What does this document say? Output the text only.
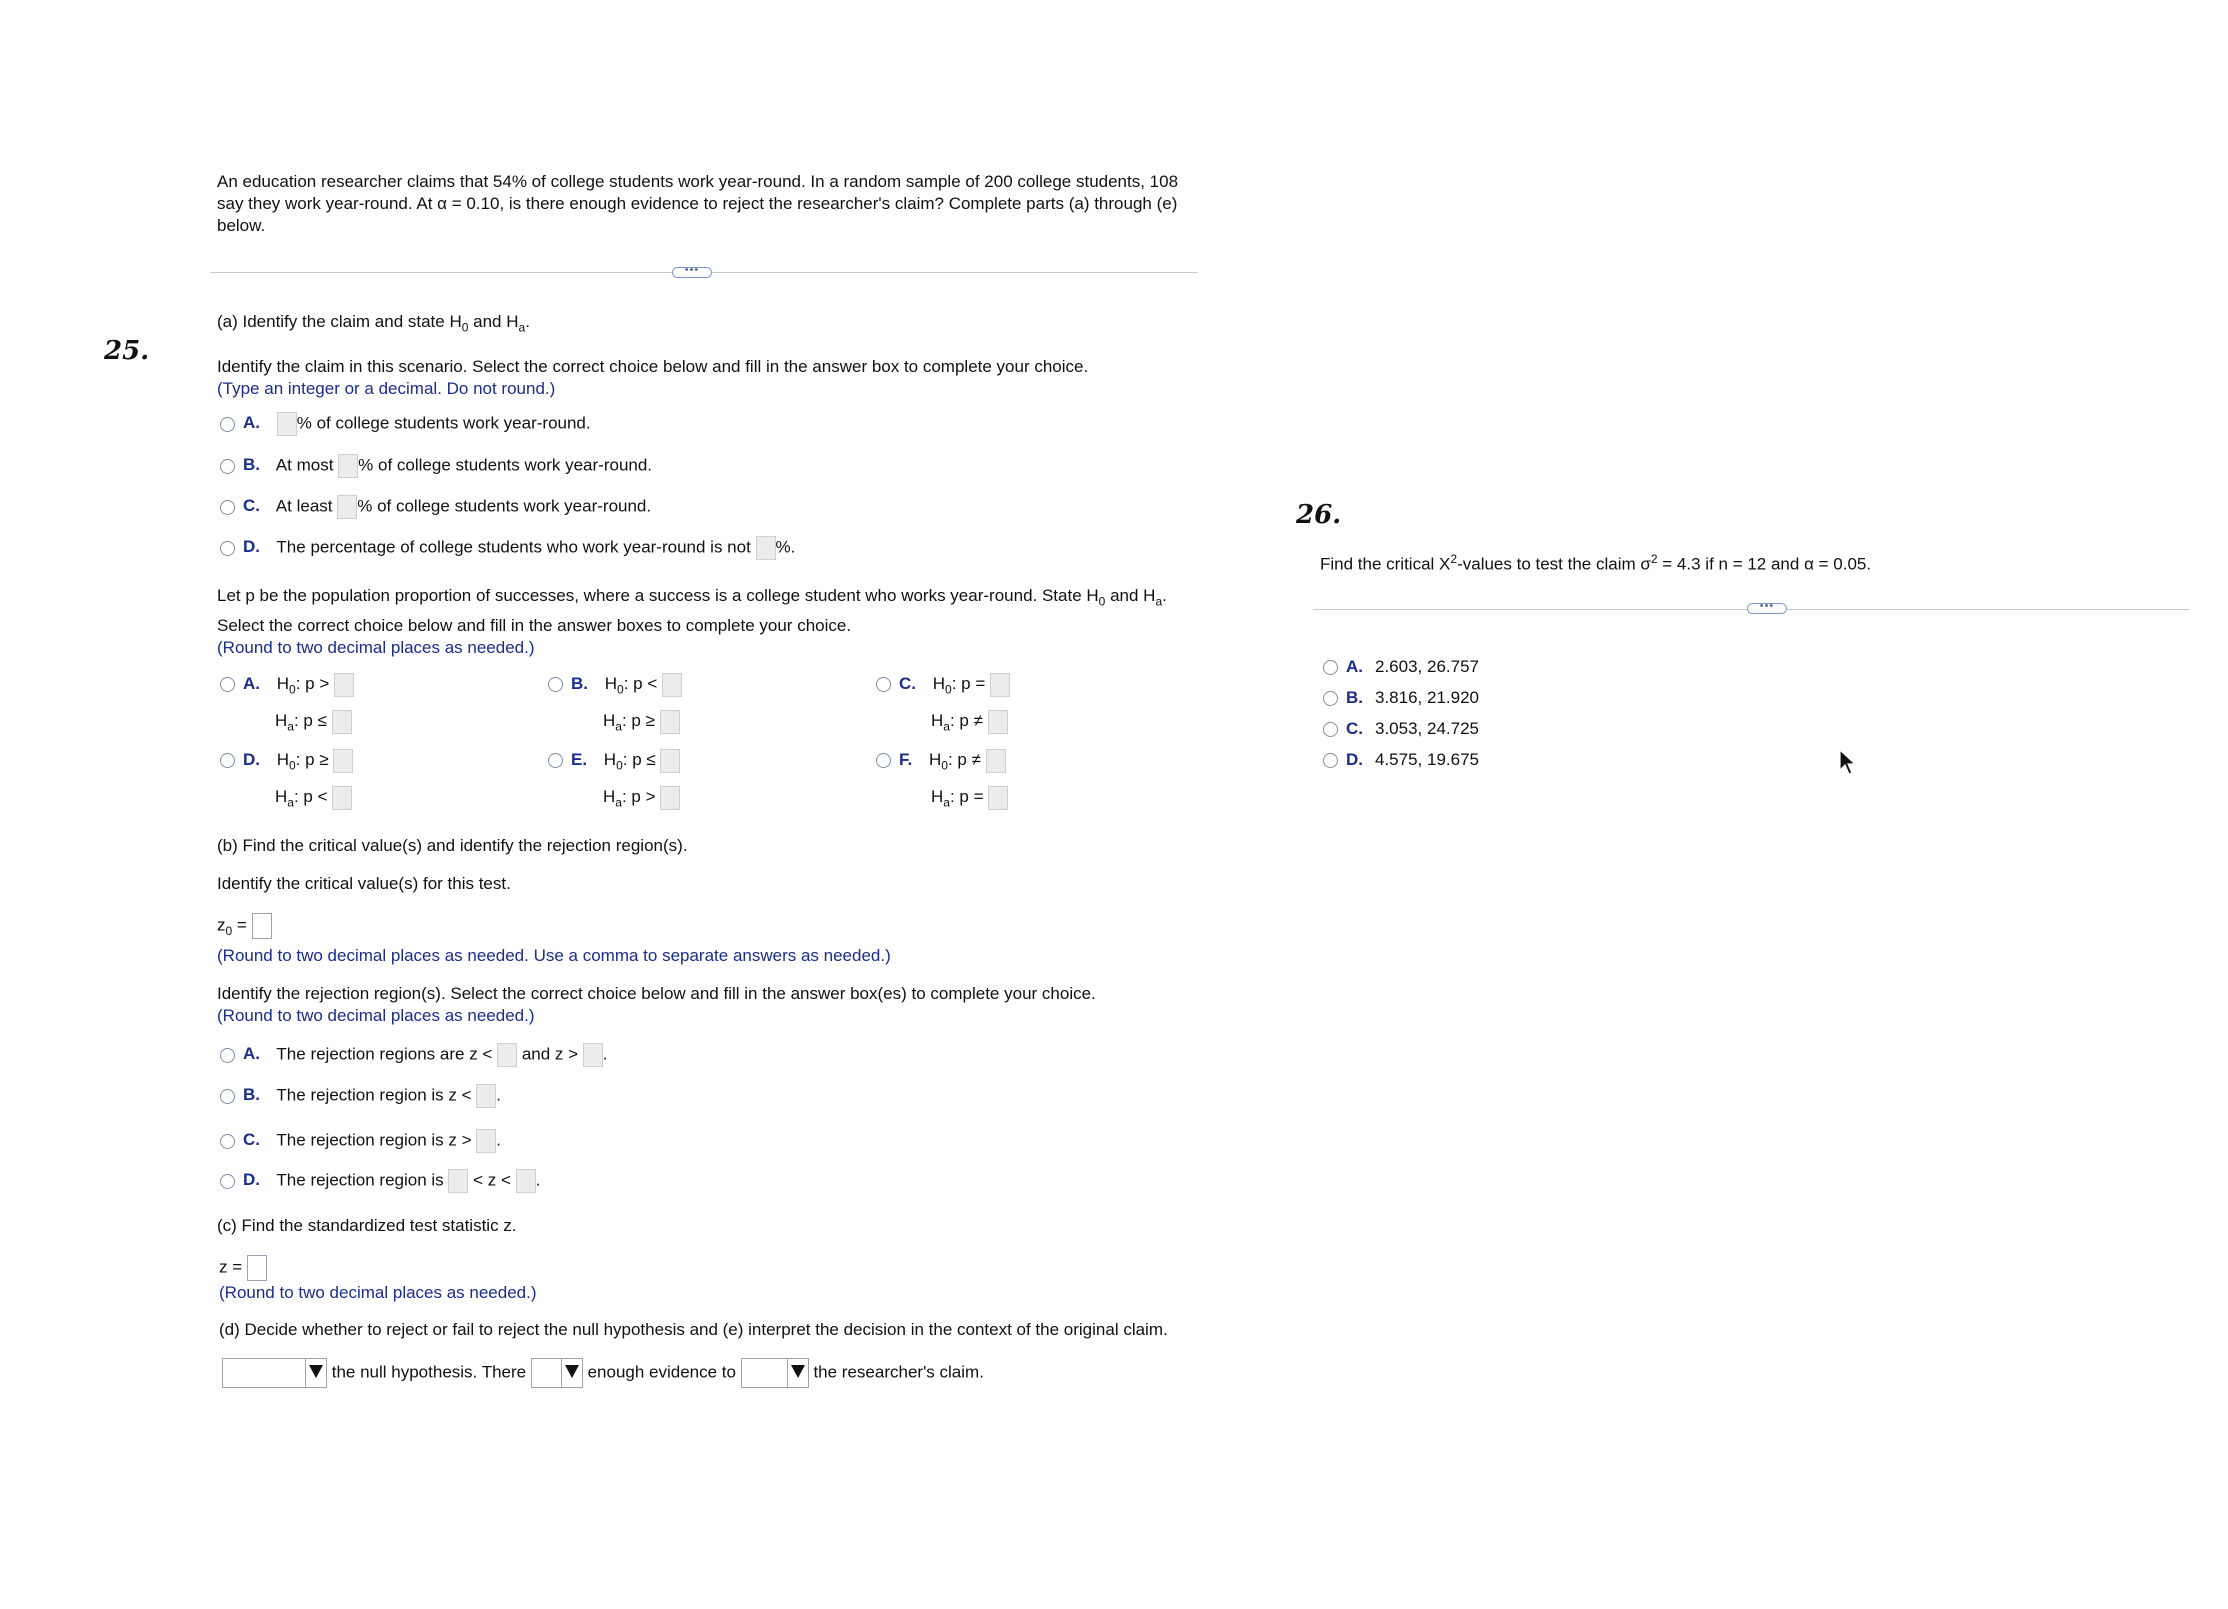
25.
An education researcher claims that 54% of college students work year-round. In a random sample of 200 college students, 108 say they work year-round. At α = 0.10, is there enough evidence to reject the researcher's claim? Complete parts (a) through (e) below.
•••
(a) Identify the claim and state $H_0$ and $H_a$.
Identify the claim in this scenario. Select the correct choice below and fill in the answer box to complete your choice.
(Type an integer or a decimal. Do not round.)
A. % of college students work year-round.
B. At most % of college students work year-round.
C. At least % of college students work year-round.
D. The percentage of college students who work year-round is not %.
Let p be the population proportion of successes, where a success is a college student who works year-round. State $H_0$ and $H_a$.
Select the correct choice below and fill in the answer boxes to complete your choice.
(Round to two decimal places as needed.)
A. $H_0$: p >
$H_a$: p ≤
B. $H_0$: p <
$H_a$: p ≥
C. $H_0$: p =
$H_a$: p ≠
D. $H_0$: p ≥
$H_a$: p <
E. $H_0$: p ≤
$H_a$: p >
F. $H_0$: p ≠
$H_a$: p =
(b) Find the critical value(s) and identify the rejection region(s).
Identify the critical value(s) for this test.
$z_0$ =
(Round to two decimal places as needed. Use a comma to separate answers as needed.)
Identify the rejection region(s). Select the correct choice below and fill in the answer box(es) to complete your choice.
(Round to two decimal places as needed.)
A. The rejection regions are z < and z > .
B. The rejection region is z < .
C. The rejection region is z > .
D. The rejection region is < z < .
(c) Find the standardized test statistic z.
z =
(Round to two decimal places as needed.)
(d) Decide whether to reject or fail to reject the null hypothesis and (e) interpret the decision in the context of the original claim.
the null hypothesis. There	enough evidence to	the researcher's claim.
26.
Find the critical $X^2$-values to test the claim $\sigma^2 = 4.3$ if n = 12 and α = 0.05.
•••
A. 2.603, 26.757
B. 3.816, 21.920
C. 3.053, 24.725
D. 4.575, 19.675
